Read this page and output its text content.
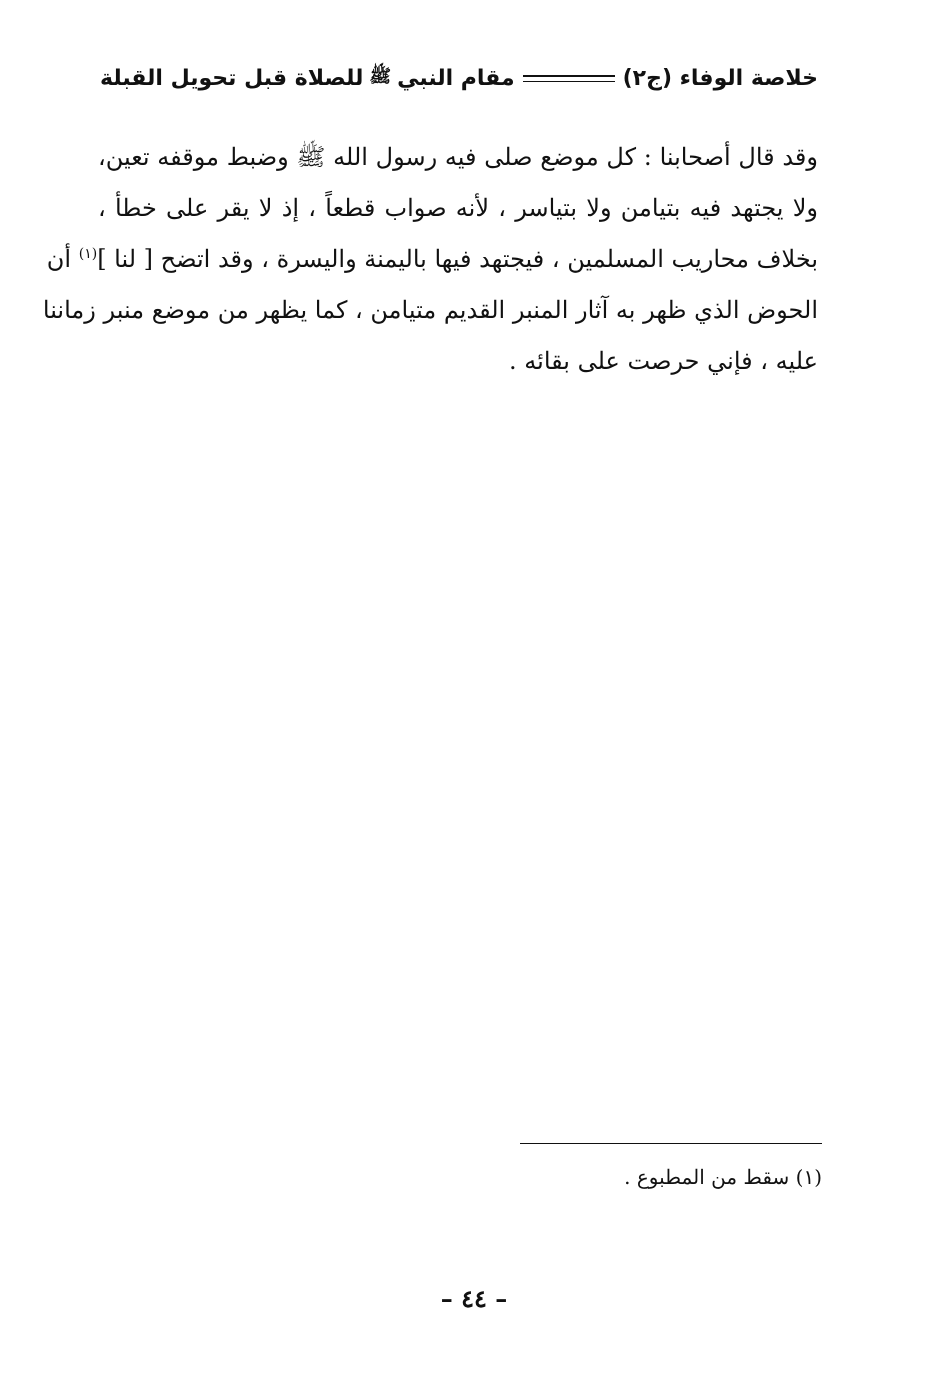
خلاصة الوفاء (ج٢)
مقام النبي
ﷺ
للصلاة قبل تحويل القبلة
وقد قال أصحابنا : كل موضع صلى فيه رسول الله ﷺ وضبط موقفه تعين،
ولا يجتهد فيه بتيامن ولا بتياسر ، لأنه صواب قطعاً ، إذ لا يقر على خطأ ،
بخلاف محاريب المسلمين ، فيجتهد فيها باليمنة واليسرة ، وقد اتضح [ لنا ]$^{(١)}$ أن
الحوض الذي ظهر به آثار المنبر القديم متيامن ، كما يظهر من موضع منبر زماننا
عليه ، فإني حرصت على بقائه .
(١) سقط من المطبوع .
– ٤٤ –
